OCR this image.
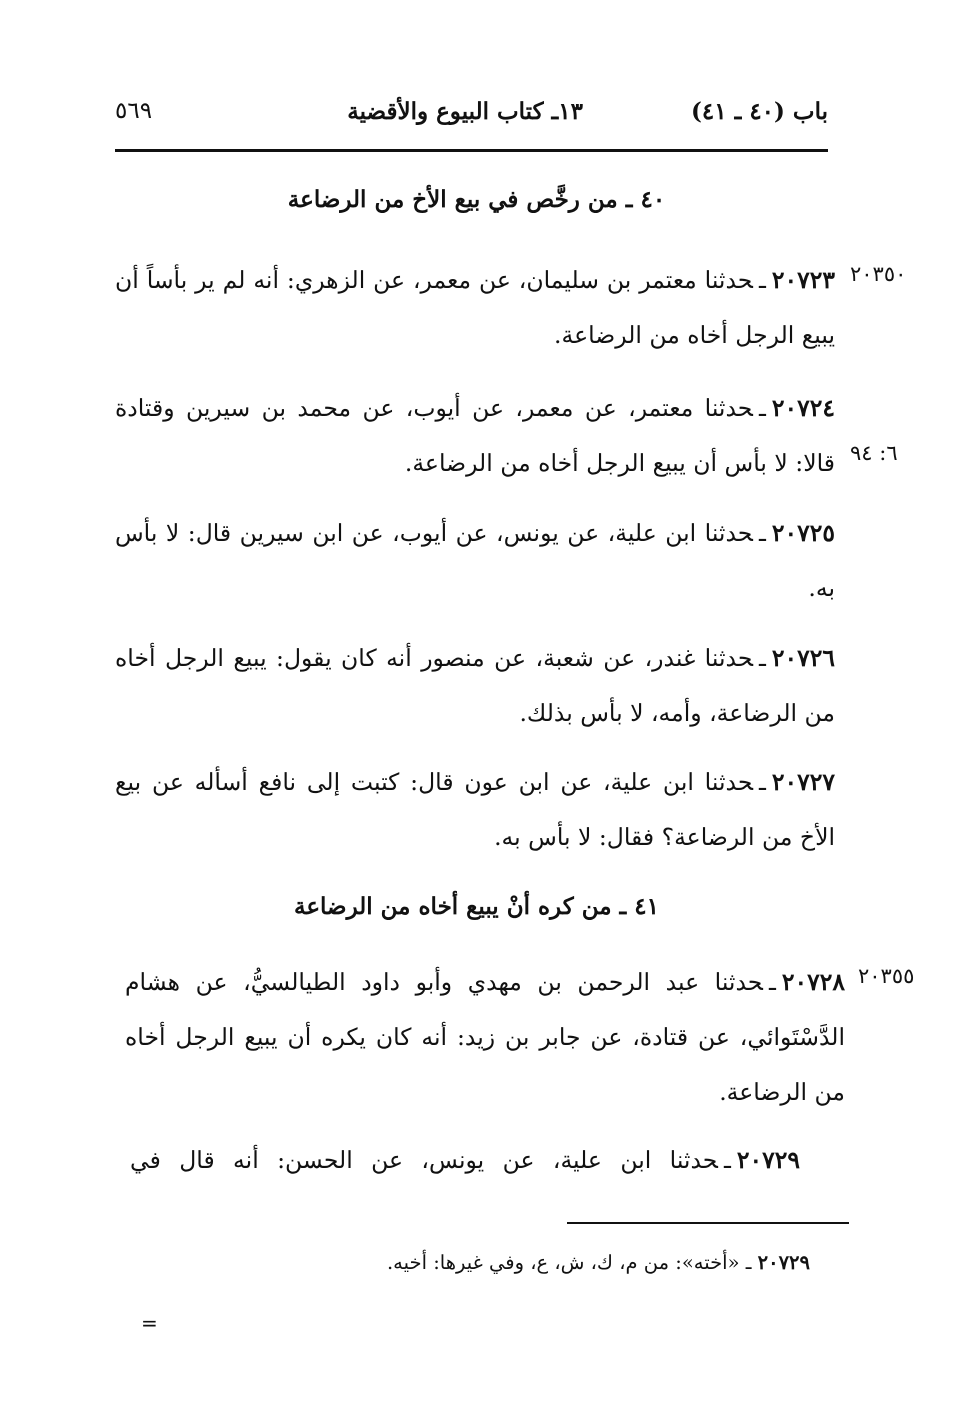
باب (٤٠ ـ ٤١)
١٣ـ كتاب البيوع والأقضية
٥٦٩
٤٠ ـ من رخَّص في بيع الأخ من الرضاعة
٢٠٣٥٠
٢٠٧٢٣ـحدثنا معتمر بن سليمان، عن معمر، عن الزهري: أنه لم ير بأساً أن يبيع الرجل أخاه من الرضاعة.
٦: ٩٤
٢٠٧٢٤ـحدثنا معتمر، عن معمر، عن أيوب، عن محمد بن سيرين وقتادة قالا: لا بأس أن يبيع الرجل أخاه من الرضاعة.
٢٠٧٢٥ـحدثنا ابن علية، عن يونس، عن أيوب، عن ابن سيرين قال: لا بأس به.
٢٠٧٢٦ـحدثنا غندر، عن شعبة، عن منصور أنه كان يقول: يبيع الرجل أخاه من الرضاعة، وأمه، لا بأس بذلك.
٢٠٧٢٧ـحدثنا ابن علية، عن ابن عون قال: كتبت إلى نافع أسأله عن بيع الأخ من الرضاعة؟ فقال: لا بأس به.
٤١ ـ من كره أنْ يبيع أخاه من الرضاعة
٢٠٣٥٥
٢٠٧٢٨ـحدثنا عبد الرحمن بن مهدي وأبو داود الطيالسيُّ، عن هشام الدَّسْتَوائي، عن قتادة، عن جابر بن زيد: أنه كان يكره أن يبيع الرجل أخاه من الرضاعة.
٢٠٧٢٩ـحدثنا ابن علية، عن يونس، عن الحسن: أنه قال في
٢٠٧٢٩ ـ «أخته»: من م، ك، ش، ع، وفي غيرها: أخيه.
=
